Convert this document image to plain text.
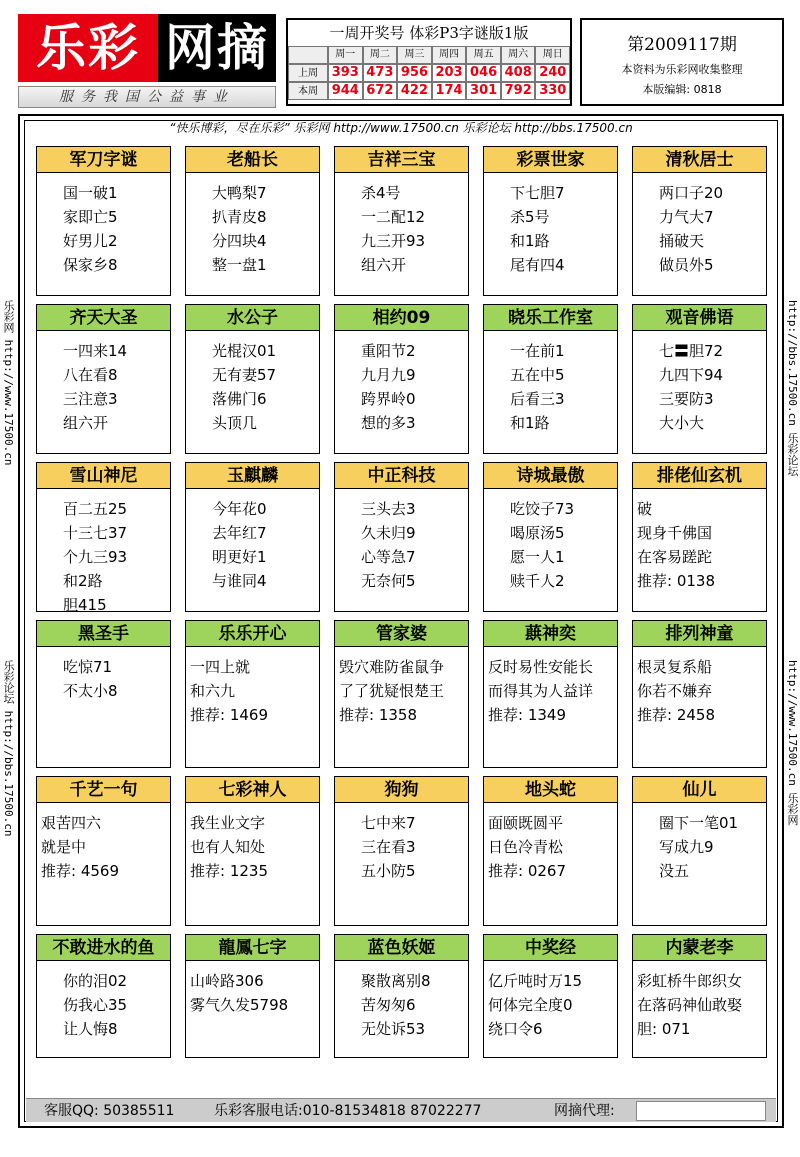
乐彩 网摘
服务我国公益事业
一周开奖号 体彩P3字谜版1版
周一	周二	周三	周四	周五	周六	周日
上周	393 473 956 203 046 408 240
本周	944 672 422 174 301 792 330
第2009117期
本资料为乐彩网收集整理
本版编辑: 0818
“快乐博彩，尽在乐彩” 乐彩网 http://www.17500.cn 乐彩论坛 http://bbs.17500.cn
乐彩网 http://www.17500.cn
乐彩论坛 http://bbs.17500.cn
http://bbs.17500.cn 乐彩论坛
http://www.17500.cn 乐彩网
军刀字谜
国一破1
家即亡5
好男儿2
保家乡8
老船长
大鸭梨7
扒青皮8
分四块4
整一盘1
吉祥三宝
杀4号
一二配12
九三开93
组六开
彩票世家
下七胆7
杀5号
和1路
尾有四4
清秋居士
两口子20
力气大7
捅破天
做员外5
齐天大圣
一四来14
八在看8
三注意3
组六开
水公子
光棍汉01
无有妻57
落佛门6
头顶几
相约09
重阳节2
九月九9
跨界岭0
想的多3
晓乐工作室
一在前1
五在中5
后看三3
和1路
观音佛语
七〓胆72
九四下94
三要防3
大小大
雪山神尼
百二五25
十三七37
个九三93
和2路
胆415
玉麒麟
今年花0
去年红7
明更好1
与谁同4
中正科技
三头去3
久未归9
心等急7
无奈何5
诗城最傲
吃饺子73
喝原汤5
愿一人1
赎千人2
排佬仙玄机
破
现身千佛国
在客易蹉跎
推荐: 0138
黑圣手
吃惊71
不太小8
乐乐开心
一四上就
和六九
推荐: 1469
管家婆
毁穴难防雀鼠争
了了犹疑恨楚王
推荐: 1358
蕻神奕
反时易性安能长
而得其为人益详
推荐: 1349
排列神童
根灵复系船
你若不嫌弃
推荐: 2458
千艺一句
艰苦四六
就是中
推荐: 4569
七彩神人
我生业文字
也有人知处
推荐: 1235
狗狗
七中来7
三在看3
五小防5
地头蛇
面颐既圆平
日色冷青松
推荐: 0267
仙儿
圈下一笔01
写成九9
没五
不敢进水的鱼
你的泪02
伤我心35
让人悔8
龍鳳七字
山岭路306
雾气久发5798
蓝色妖姬
聚散离别8
苦匆匆6
无处诉53
中奖经
亿斤吨时万15
何体完全度0
绕口令6
内蒙老李
彩虹桥牛郎织女
在落码神仙敢娶
胆: 071
客服QQ: 50385511	乐彩客服电话:010-81534818 87022277	网摘代理:
